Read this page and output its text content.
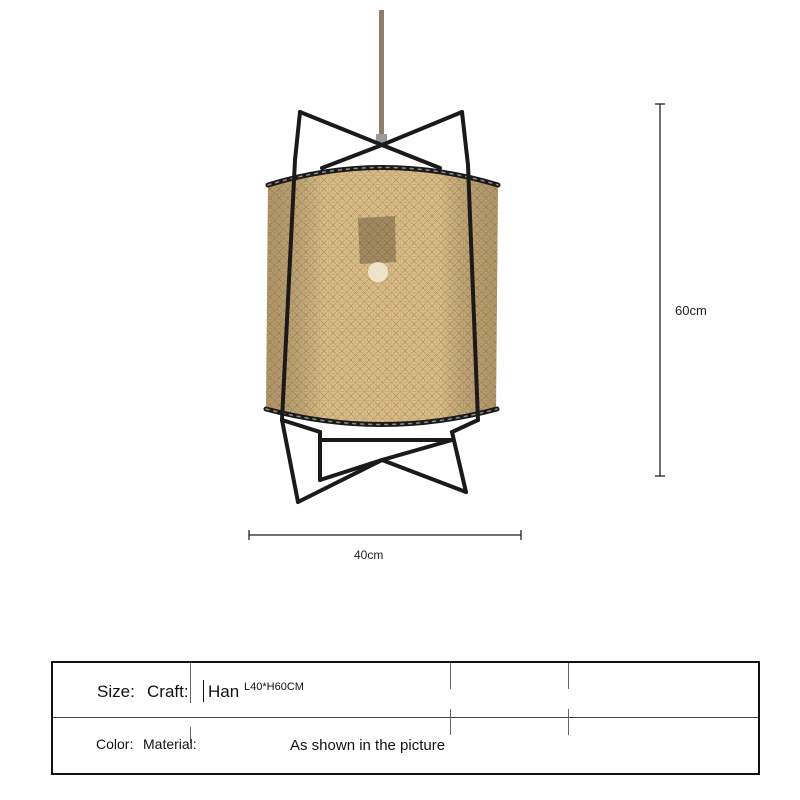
60cm
40cm
Size: Craft: Han L40*H60CM
Color: Material:	As shown in the picture
